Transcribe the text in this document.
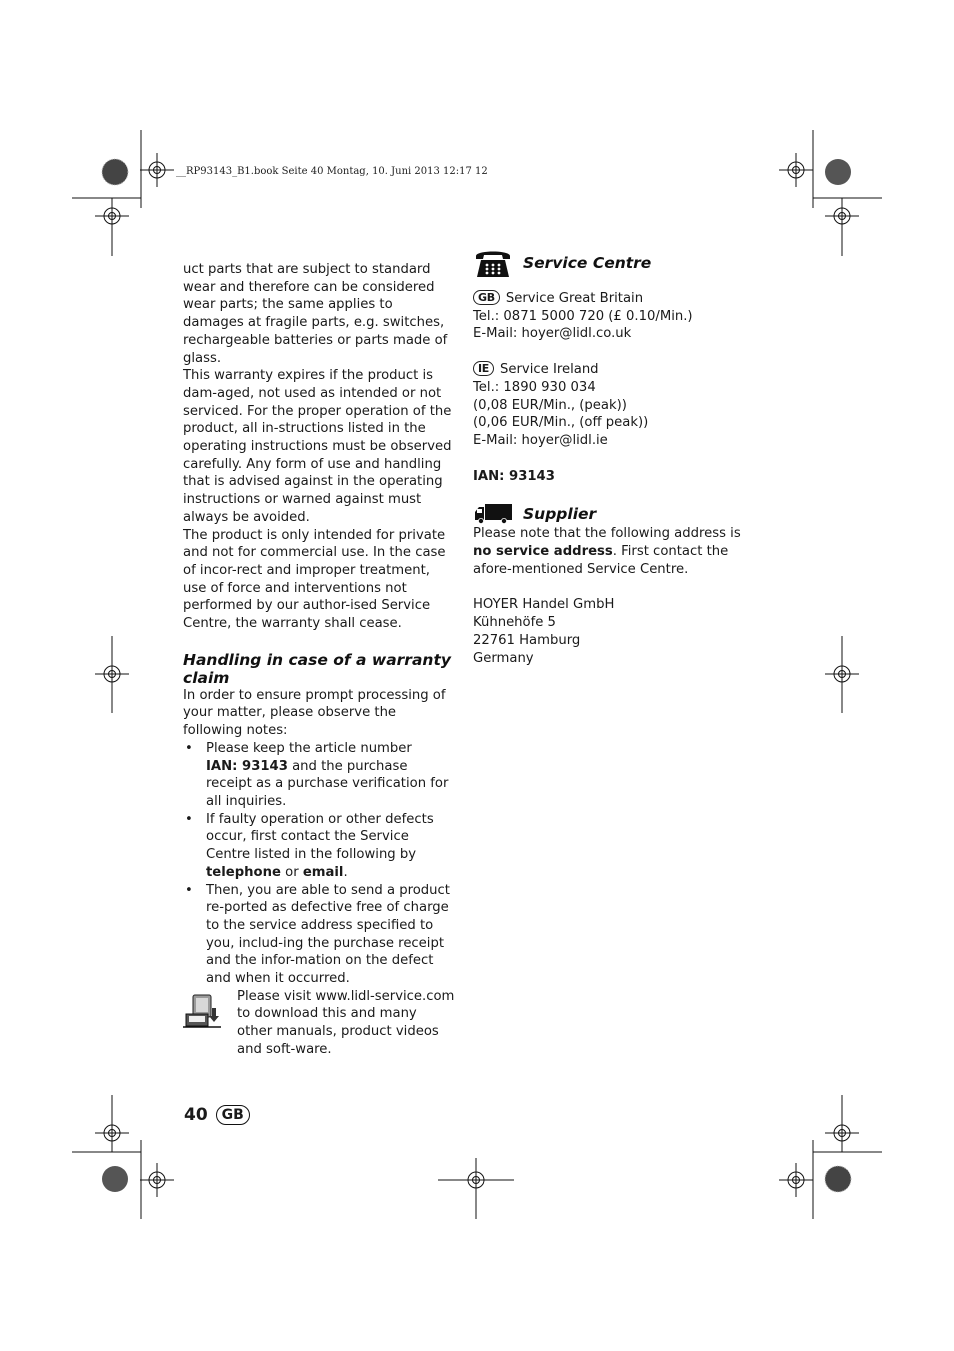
__RP93143_B1.book Seite 40 Montag, 10. Juni 2013 12:17 12

uct parts that are subject to standard wear and therefore can be considered wear parts; the same applies to damages at fragile parts, e.g. switches, rechargeable batteries or parts made of glass.

This warranty expires if the product is dam-aged, not used as intended or not serviced. For the proper operation of the product, all in-structions listed in the operating instructions must be observed carefully. Any form of use and handling that is advised against in the operating instructions or warned against must always be avoided.

The product is only intended for private and not for commercial use. In the case of incor-rect and improper treatment, use of force and interventions not performed by our author-ised Service Centre, the warranty shall cease.

Handling in case of a warranty claim

In order to ensure prompt processing of your matter, please observe the following notes:

• Please keep the article number
IAN: 93143 and the purchase receipt as a purchase verification for all inquiries.
• If faulty operation or other defects occur, first contact the Service Centre listed in the following by telephone or email.
• Then, you are able to send a product re-ported as defective free of charge to the service address specified to you, includ-ing the purchase receipt and the infor-mation on the defect and when it occurred.

Please visit www.lidl-service.com to download this and many other manuals, product videos and soft-ware.

Service Centre

GB Service Great Britain

Tel.: 0871 5000 720 (£ 0.10/Min.)

E-Mail: hoyer@lidl.co.uk

IE Service Ireland

Tel.: 1890 930 034

(0,08 EUR/Min., (peak))

(0,06 EUR/Min., (off peak))

E-Mail: hoyer@lidl.ie

IAN: 93143

Supplier

Please note that the following address is no service address. First contact the afore-mentioned Service Centre.

HOYER Handel GmbH

Kühnehöfe 5

22761 Hamburg

Germany

40	GB
